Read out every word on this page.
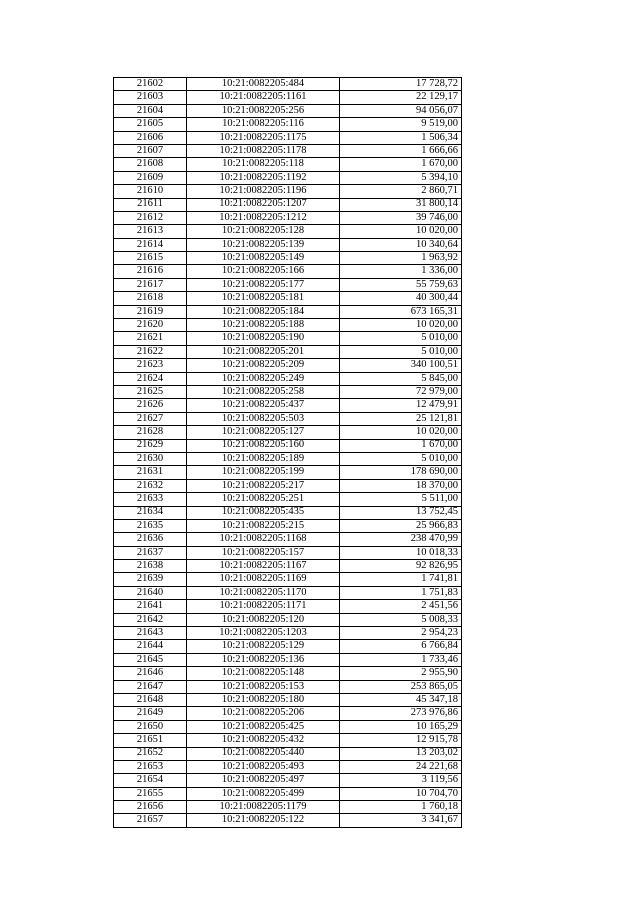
21602	10:21:0082205:484	17 728,72
21603	10:21:0082205:1161	22 129,17
21604	10:21:0082205:256	94 056,07
21605	10:21:0082205:116	9 519,00
21606	10:21:0082205:1175	1 506,34
21607	10:21:0082205:1178	1 666,66
21608	10:21:0082205:118	1 670,00
21609	10:21:0082205:1192	5 394,10
21610	10:21:0082205:1196	2 860,71
21611	10:21:0082205:1207	31 800,14
21612	10:21:0082205:1212	39 746,00
21613	10:21:0082205:128	10 020,00
21614	10:21:0082205:139	10 340,64
21615	10:21:0082205:149	1 963,92
21616	10:21:0082205:166	1 336,00
21617	10:21:0082205:177	55 759,63
21618	10:21:0082205:181	40 300,44
21619	10:21:0082205:184	673 165,31
21620	10:21:0082205:188	10 020,00
21621	10:21:0082205:190	5 010,00
21622	10:21:0082205:201	5 010,00
21623	10:21:0082205:209	340 100,51
21624	10:21:0082205:249	5 845,00
21625	10:21:0082205:258	72 979,00
21626	10:21:0082205:437	12 479,91
21627	10:21:0082205:503	25 121,81
21628	10:21:0082205:127	10 020,00
21629	10:21:0082205:160	1 670,00
21630	10:21:0082205:189	5 010,00
21631	10:21:0082205:199	178 690,00
21632	10:21:0082205:217	18 370,00
21633	10:21:0082205:251	5 511,00
21634	10:21:0082205:435	13 752,45
21635	10:21:0082205:215	25 966,83
21636	10:21:0082205:1168	238 470,99
21637	10:21:0082205:157	10 018,33
21638	10:21:0082205:1167	92 826,95
21639	10:21:0082205:1169	1 741,81
21640	10:21:0082205:1170	1 751,83
21641	10:21:0082205:1171	2 451,56
21642	10:21:0082205:120	5 008,33
21643	10:21:0082205:1203	2 954,23
21644	10:21:0082205:129	6 766,84
21645	10:21:0082205:136	1 733,46
21646	10:21:0082205:148	2 955,90
21647	10:21:0082205:153	253 865,05
21648	10:21:0082205:180	45 347,18
21649	10:21:0082205:206	273 976,86
21650	10:21:0082205:425	10 165,29
21651	10:21:0082205:432	12 915,78
21652	10:21:0082205:440	13 203,02
21653	10:21:0082205:493	24 221,68
21654	10:21:0082205:497	3 119,56
21655	10:21:0082205:499	10 704,70
21656	10:21:0082205:1179	1 760,18
21657	10:21:0082205:122	3 341,67
